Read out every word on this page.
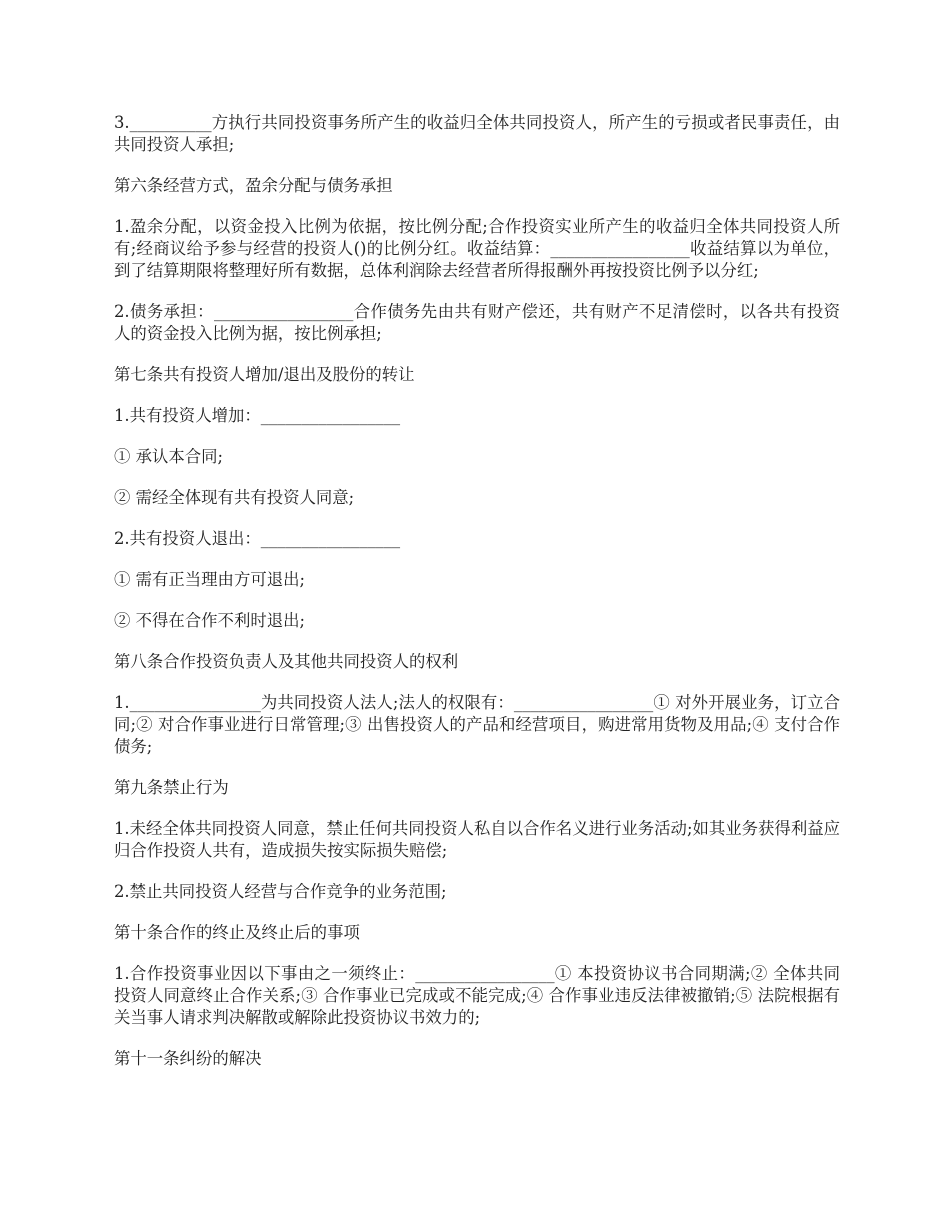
3.__________方执行共同投资事务所产生的收益归全体共同投资人，所产生的亏损或者民事责任，由共同投资人承担;

第六条经营方式，盈余分配与债务承担

1.盈余分配，以资金投入比例为依据，按比例分配;合作投资实业所产生的收益归全体共同投资人所有;经商议给予参与经营的投资人()的比例分红。收益结算：_________________收益结算以为单位，到了结算期限将整理好所有数据，总体利润除去经营者所得报酬外再按投资比例予以分红;

2.债务承担：_________________合作债务先由共有财产偿还，共有财产不足清偿时，以各共有投资人的资金投入比例为据，按比例承担;

第七条共有投资人增加/退出及股份的转让

1.共有投资人增加：_________________

① 承认本合同;

② 需经全体现有共有投资人同意;

2.共有投资人退出：_________________

① 需有正当理由方可退出;

② 不得在合作不利时退出;

第八条合作投资负责人及其他共同投资人的权利

1.________________为共同投资人法人;法人的权限有：_________________① 对外开展业务，订立合同;② 对合作事业进行日常管理;③ 出售投资人的产品和经营项目，购进常用货物及用品;④ 支付合作债务;

第九条禁止行为

1.未经全体共同投资人同意，禁止任何共同投资人私自以合作名义进行业务活动;如其业务获得利益应归合作投资人共有，造成损失按实际损失赔偿;

2.禁止共同投资人经营与合作竞争的业务范围;

第十条合作的终止及终止后的事项

1.合作投资事业因以下事由之一须终止：_________________① 本投资协议书合同期满;② 全体共同投资人同意终止合作关系;③ 合作事业已完成或不能完成;④ 合作事业违反法律被撤销;⑤ 法院根据有关当事人请求判决解散或解除此投资协议书效力的;

第十一条纠纷的解决
